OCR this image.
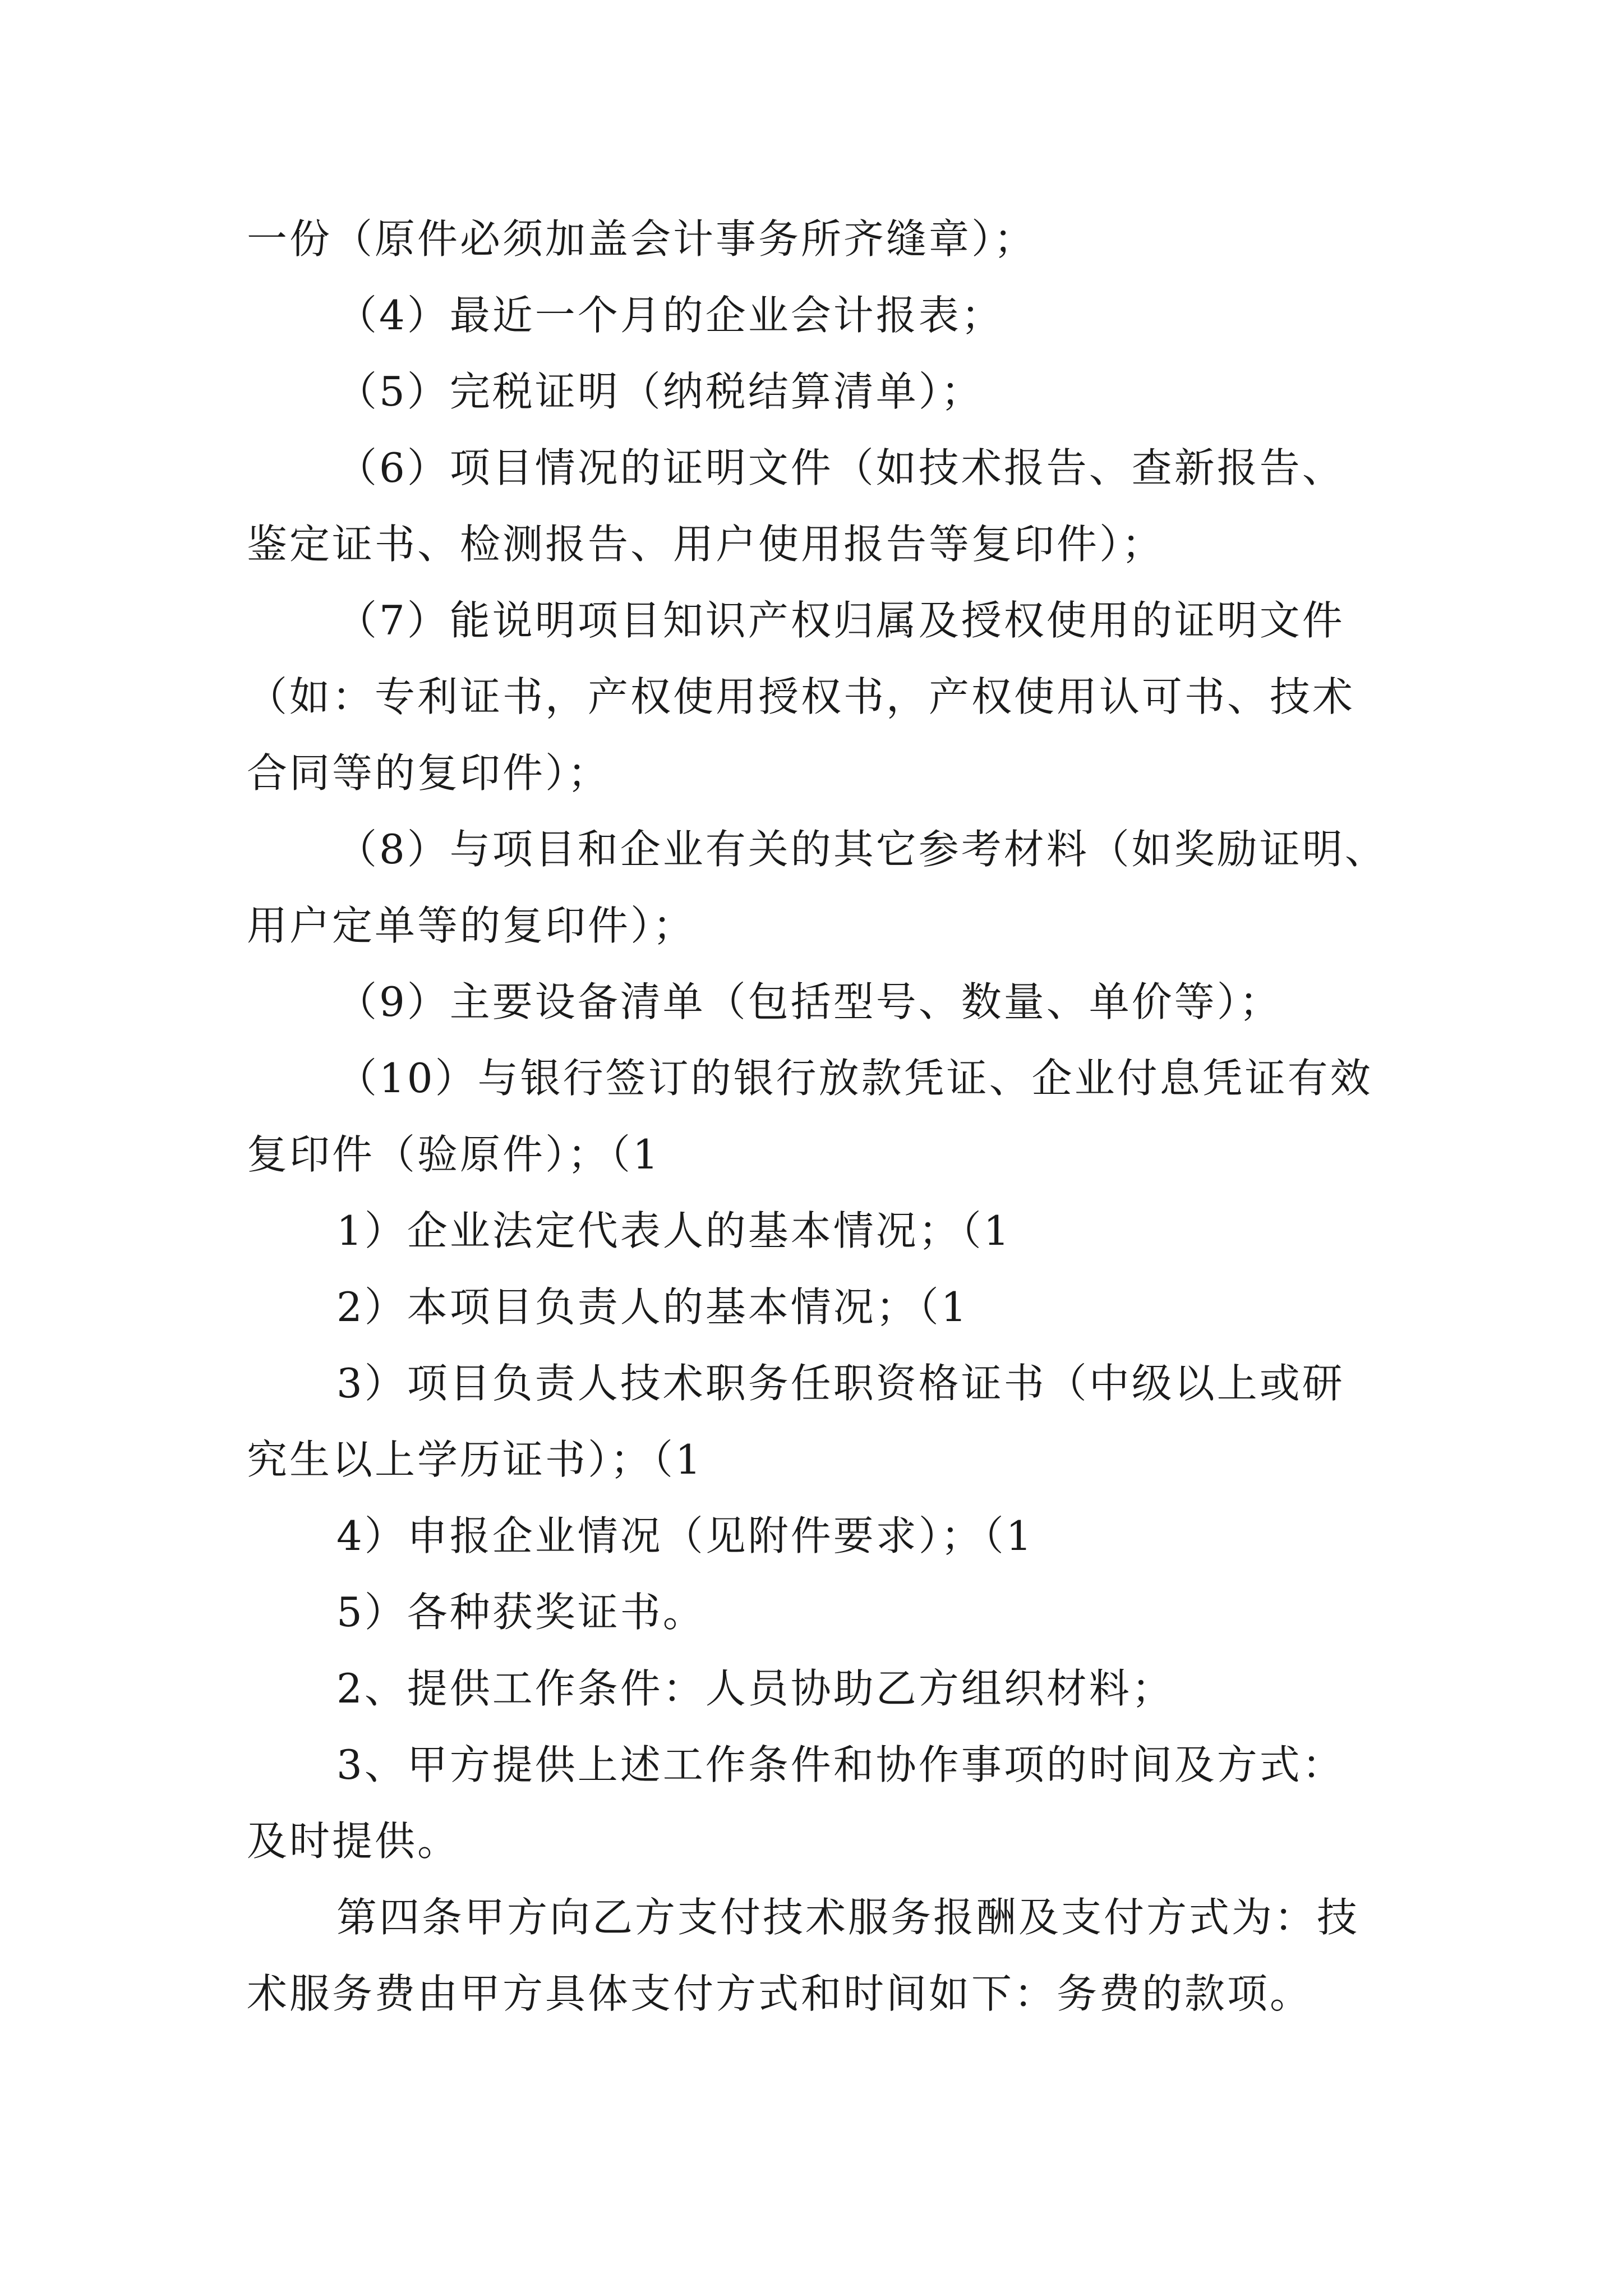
一份（原件必须加盖会计事务所齐缝章）；
（4）最近一个月的企业会计报表；
（5）完税证明（纳税结算清单）；
（6）项目情况的证明文件（如技术报告、查新报告、
鉴定证书、检测报告、用户使用报告等复印件）；
（7）能说明项目知识产权归属及授权使用的证明文件
（如：专利证书，产权使用授权书，产权使用认可书、技术
合同等的复印件）；
（8）与项目和企业有关的其它参考材料（如奖励证明、
用户定单等的复印件）；
（9）主要设备清单（包括型号、数量、单价等）；
（10）与银行签订的银行放款凭证、企业付息凭证有效
复印件（验原件）；（1
1）企业法定代表人的基本情况；（1
2）本项目负责人的基本情况；（1
3）项目负责人技术职务任职资格证书（中级以上或研
究生以上学历证书）；（1
4）申报企业情况（见附件要求）；（1
5）各种获奖证书。
2、提供工作条件：人员协助乙方组织材料；
3、甲方提供上述工作条件和协作事项的时间及方式：
及时提供。
第四条甲方向乙方支付技术服务报酬及支付方式为：技
术服务费由甲方具体支付方式和时间如下：务费的款项。
